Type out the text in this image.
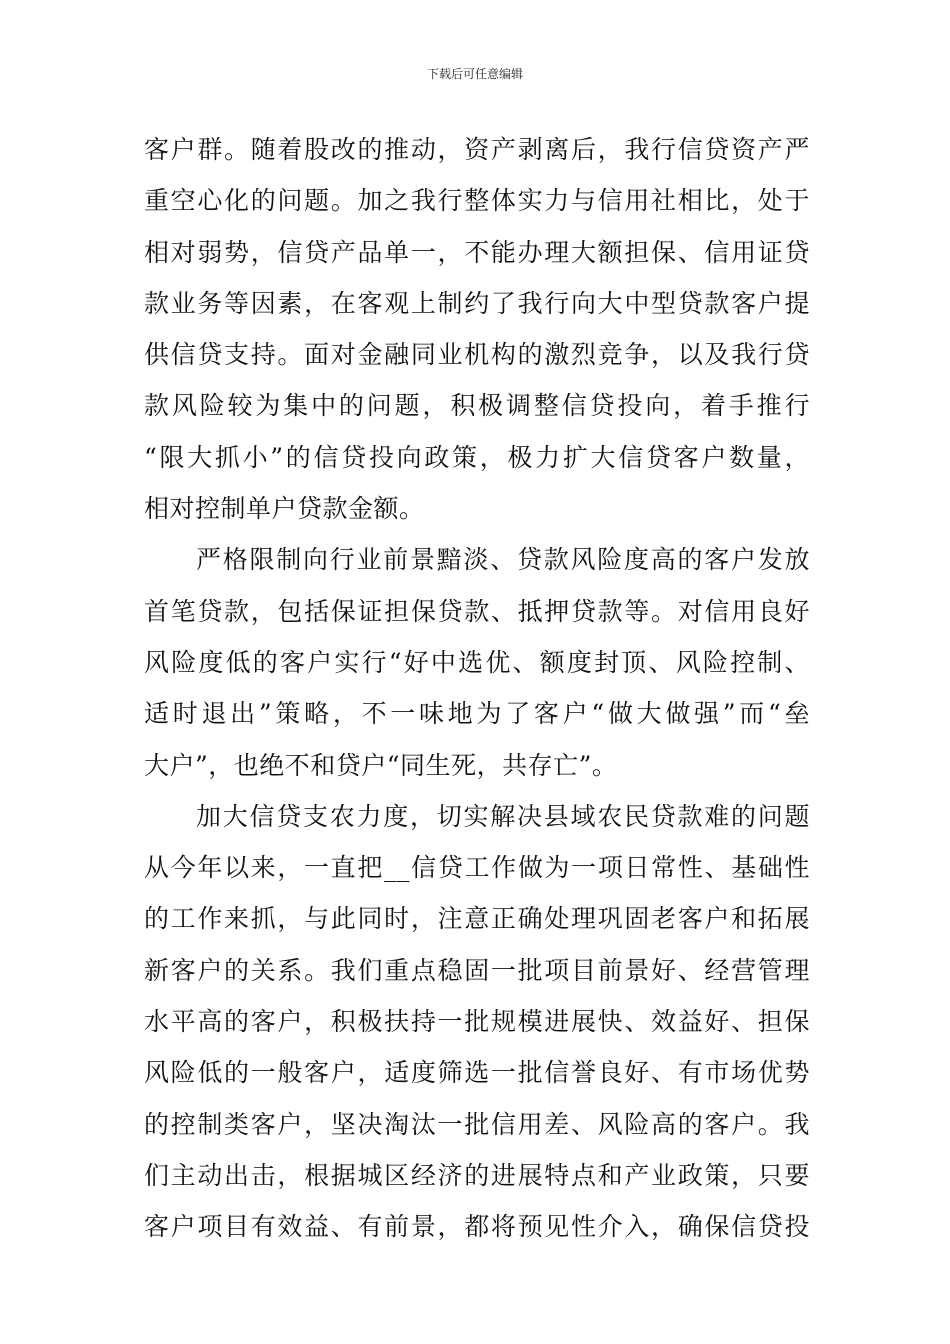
下载后可任意编辑
客户群。随着股改的推动，资产剥离后，我行信贷资产严
重空心化的问题。加之我行整体实力与信用社相比，处于
相对弱势，信贷产品单一，不能办理大额担保、信用证贷
款业务等因素，在客观上制约了我行向大中型贷款客户提
供信贷支持。面对金融同业机构的激烈竞争，以及我行贷
款风险较为集中的问题，积极调整信贷投向，着手推行
“限大抓小”的信贷投向政策，极力扩大信贷客户数量，
相对控制单户贷款金额。
严格限制向行业前景黯淡、贷款风险度高的客户发放
首笔贷款，包括保证担保贷款、抵押贷款等。对信用良好
风险度低的客户实行“好中选优、额度封顶、风险控制、
适时退出”策略，不一味地为了客户“做大做强”而“垒
大户”，也绝不和贷户“同生死，共存亡”。
加大信贷支农力度，切实解决县域农民贷款难的问题
从今年以来，一直把__信贷工作做为一项日常性、基础性
的工作来抓，与此同时，注意正确处理巩固老客户和拓展
新客户的关系。我们重点稳固一批项目前景好、经营管理
水平高的客户，积极扶持一批规模进展快、效益好、担保
风险低的一般客户，适度筛选一批信誉良好、有市场优势
的控制类客户，坚决淘汰一批信用差、风险高的客户。我
们主动出击，根据城区经济的进展特点和产业政策，只要
客户项目有效益、有前景，都将预见性介入，确保信贷投
